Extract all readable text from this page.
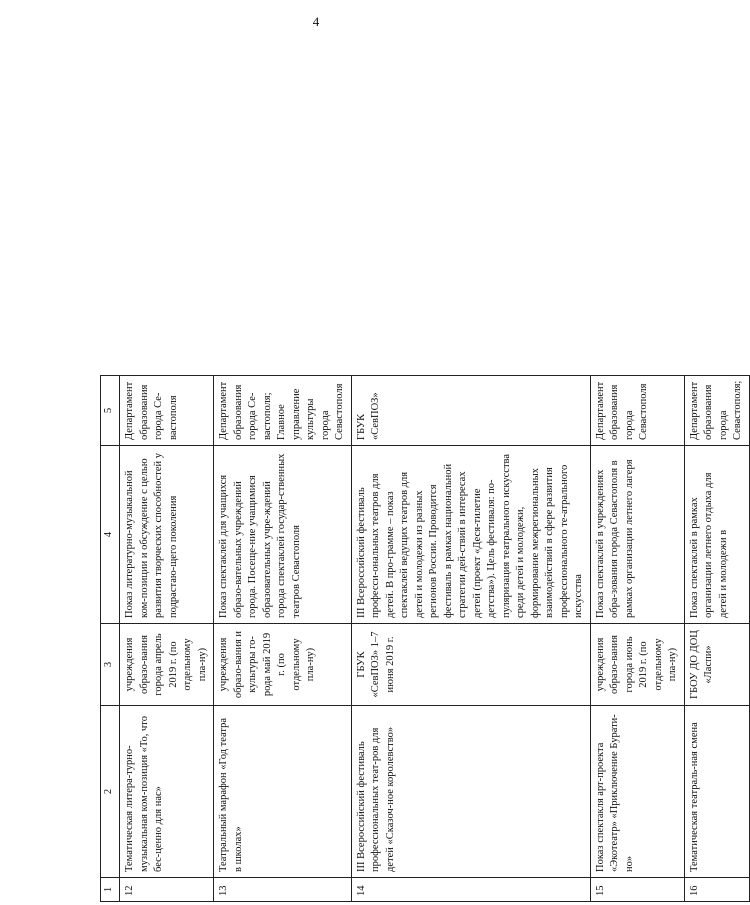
4
1	2	3	4	5
12	Тематическая литера-турно-музыкальная ком-позиция «То, что бес-ценно для нас»	учреждения образо-вания города апрель 2019 г. (по отдельному пла-ну)	Показ литературно-музыкальной ком-позиции и обсуждение с целью развития творческих способностей у подрастаю-щего поколения	Департамент образования города Се-вастополя
13	Театральный марафон «Год театра в школах»	учреждения образо-вания и культуры го-рода май 2019 г. (по отдельному пла-ну)	Показ спектаклей для учащихся образо-вательных учреждений города. Посеще-ние учащимися образовательных учре-ждений города спектаклей государ-ственных театров Севастополя	Департамент образования города Се-вастополя; Главное управление культуры города Севастополя
14	III Всероссийский фестиваль профессиональных теат-ров для детей «Сказоч-ное королевство»	ГБУК «СевПОЗ» 1–7 июня 2019 г.	III Всероссийский фестиваль професси-ональных театров для детей. В про-грамме – показ спектаклей ведущих театров для детей и молодежи из разных регионов России. Проводится фестиваль в рамках национальной стратегии дей-ствий в интересах детей (проект «Деся-тилетие детства»). Цель фестиваля: по-пуляризация театрального искусства среди детей и молодежи, формирование межрегиональных взаимодействий в сфере развития профессионального те-атрального искусства	ГБУК «СевПОЗ»
15	Показ спектакля арт-проекта «Экотеатр» «Приключение Бурати-но»	учреждения образо-вания города июнь 2019 г. (по отдельному пла-ну)	Показ спектаклей в учреждениях обра-зования города Севастополя в рамках организации летнего лагеря	Департамент образования города Севастополя
16	Тематическая театраль-ная смена	ГБОУ ДО ДОЦ «Ласпи»	Показ спектаклей в рамках организации летнего отдыха для детей и молодежи в	Департамент образования города Севастополя;
